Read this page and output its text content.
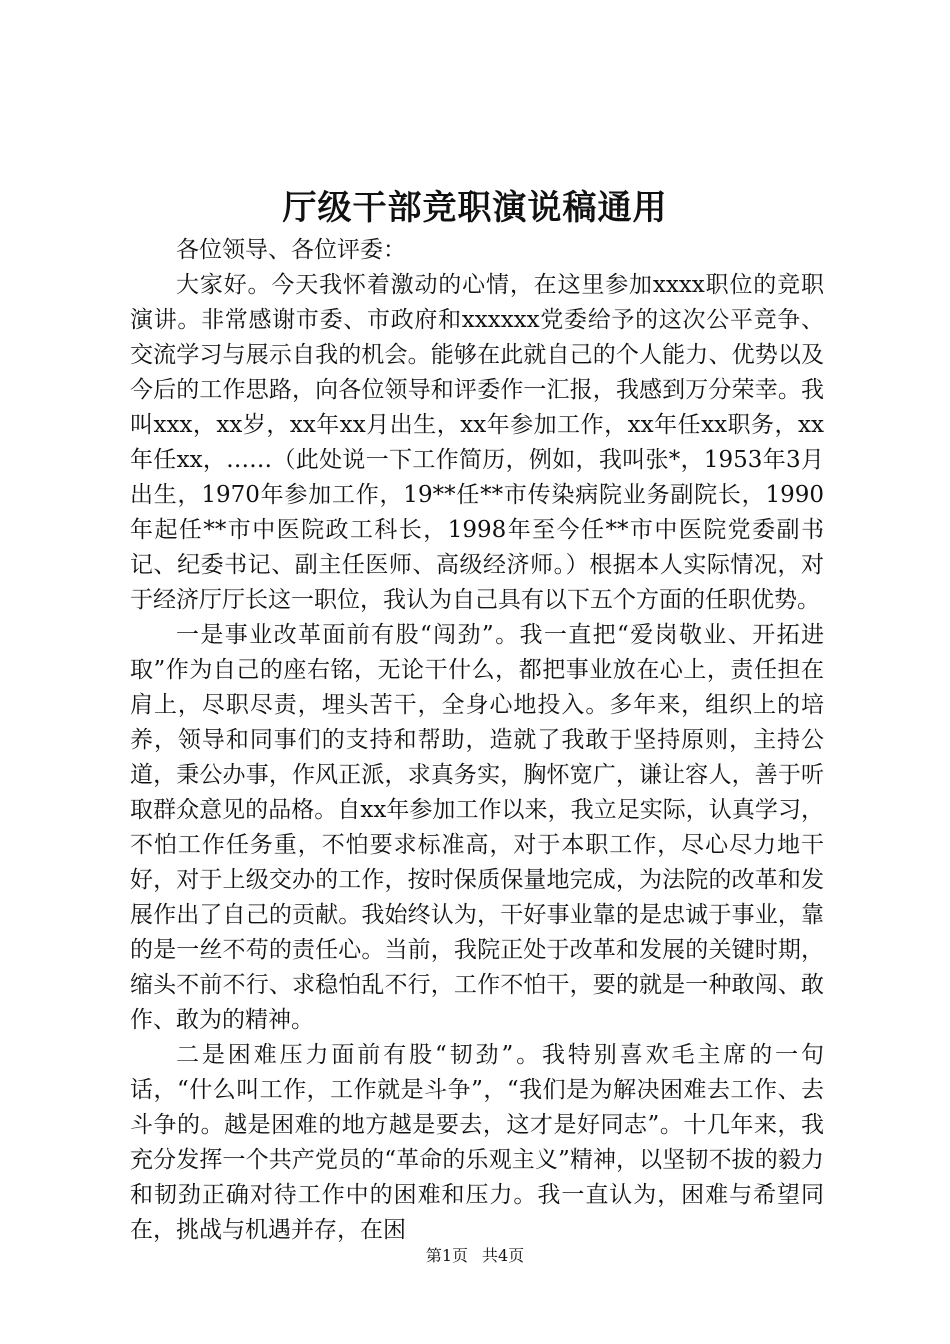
厅级干部竞职演说稿通用

各位领导、各位评委：

大家好。今天我怀着激动的心情，在这里参加xxxx职位的竞职演讲。非常感谢市委、市政府和xxxxxx党委给予的这次公平竞争、交流学习与展示自我的机会。能够在此就自己的个人能力、优势以及今后的工作思路，向各位领导和评委作一汇报，我感到万分荣幸。我叫xxx，xx岁，xx年xx月出生，xx年参加工作，xx年任xx职务，xx年任xx，……（此处说一下工作简历，例如，我叫张*，1953年3月出生，1970年参加工作，19**任**市传染病院业务副院长，1990年起任**市中医院政工科长，1998年至今任**市中医院党委副书记、纪委书记、副主任医师、高级经济师。）根据本人实际情况，对于经济厅厅长这一职位，我认为自己具有以下五个方面的任职优势。

一是事业改革面前有股“闯劲”。我一直把“爱岗敬业、开拓进取”作为自己的座右铭，无论干什么，都把事业放在心上，责任担在肩上，尽职尽责，埋头苦干，全身心地投入。多年来，组织上的培养，领导和同事们的支持和帮助，造就了我敢于坚持原则，主持公道，秉公办事，作风正派，求真务实，胸怀宽广，谦让容人，善于听取群众意见的品格。自xx年参加工作以来，我立足实际，认真学习，不怕工作任务重，不怕要求标准高，对于本职工作，尽心尽力地干好，对于上级交办的工作，按时保质保量地完成，为法院的改革和发展作出了自己的贡献。我始终认为，干好事业靠的是忠诚于事业，靠的是一丝不苟的责任心。当前，我院正处于改革和发展的关键时期，缩头不前不行、求稳怕乱不行，工作不怕干，要的就是一种敢闯、敢作、敢为的精神。

二是困难压力面前有股“韧劲”。我特别喜欢毛主席的一句话，“什么叫工作，工作就是斗争”，“我们是为解决困难去工作、去斗争的。越是困难的地方越是要去，这才是好同志”。十几年来，我充分发挥一个共产党员的“革命的乐观主义”精神，以坚韧不拔的毅力和韧劲正确对待工作中的困难和压力。我一直认为，困难与希望同在，挑战与机遇并存，在困

第1页 共4页
